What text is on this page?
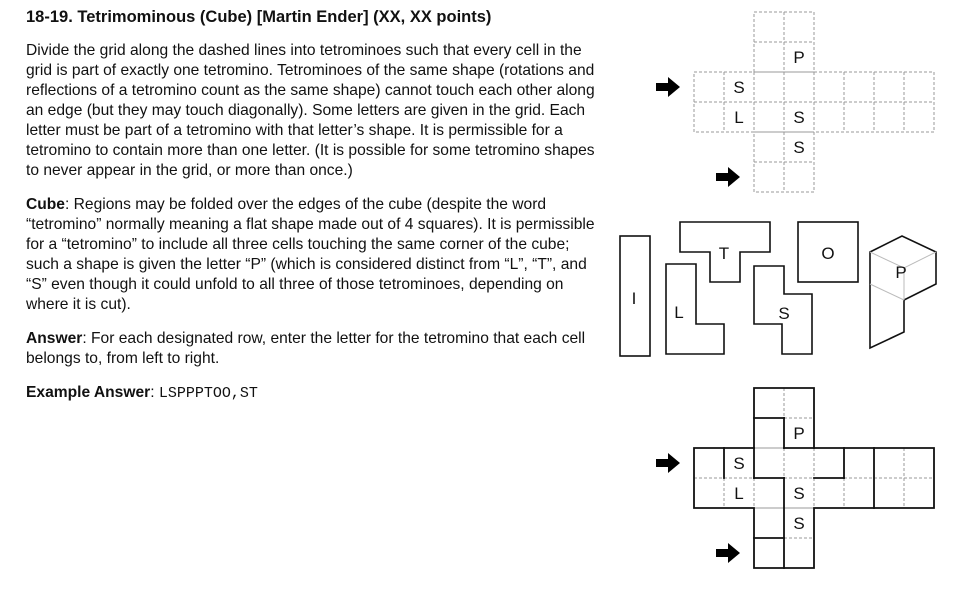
18-19. Tetrimominous (Cube) [Martin Ender] (XX, XX points)
Divide the grid along the dashed lines into tetrominoes such that every cell in the grid is part of exactly one tetromino. Tetrominoes of the same shape (rotations and reflections of a tetromino count as the same shape) cannot touch each other along an edge (but they may touch diagonally). Some letters are given in the grid. Each letter must be part of a tetromino with that letter’s shape. It is permissible for a tetromino to contain more than one letter. (It is possible for some tetromino shapes to never appear in the grid, or more than once.)
Cube: Regions may be folded over the edges of the cube (despite the word “tetromino” normally meaning a flat shape made out of 4 squares). It is permissible for a “tetromino” to include all three cells touching the same corner of the cube; such a shape is given the letter “P” (which is considered distinct from “L”, “T”, and “S” even though it could unfold to all three of those tetrominoes, depending on where it is cut).
Answer: For each designated row, enter the letter for the tetromino that each cell belongs to, from left to right.
Example Answer: LSPPPTOO,ST
P
S
L	S
S
I
T	O
L	S
P
P
S
L	S
S
